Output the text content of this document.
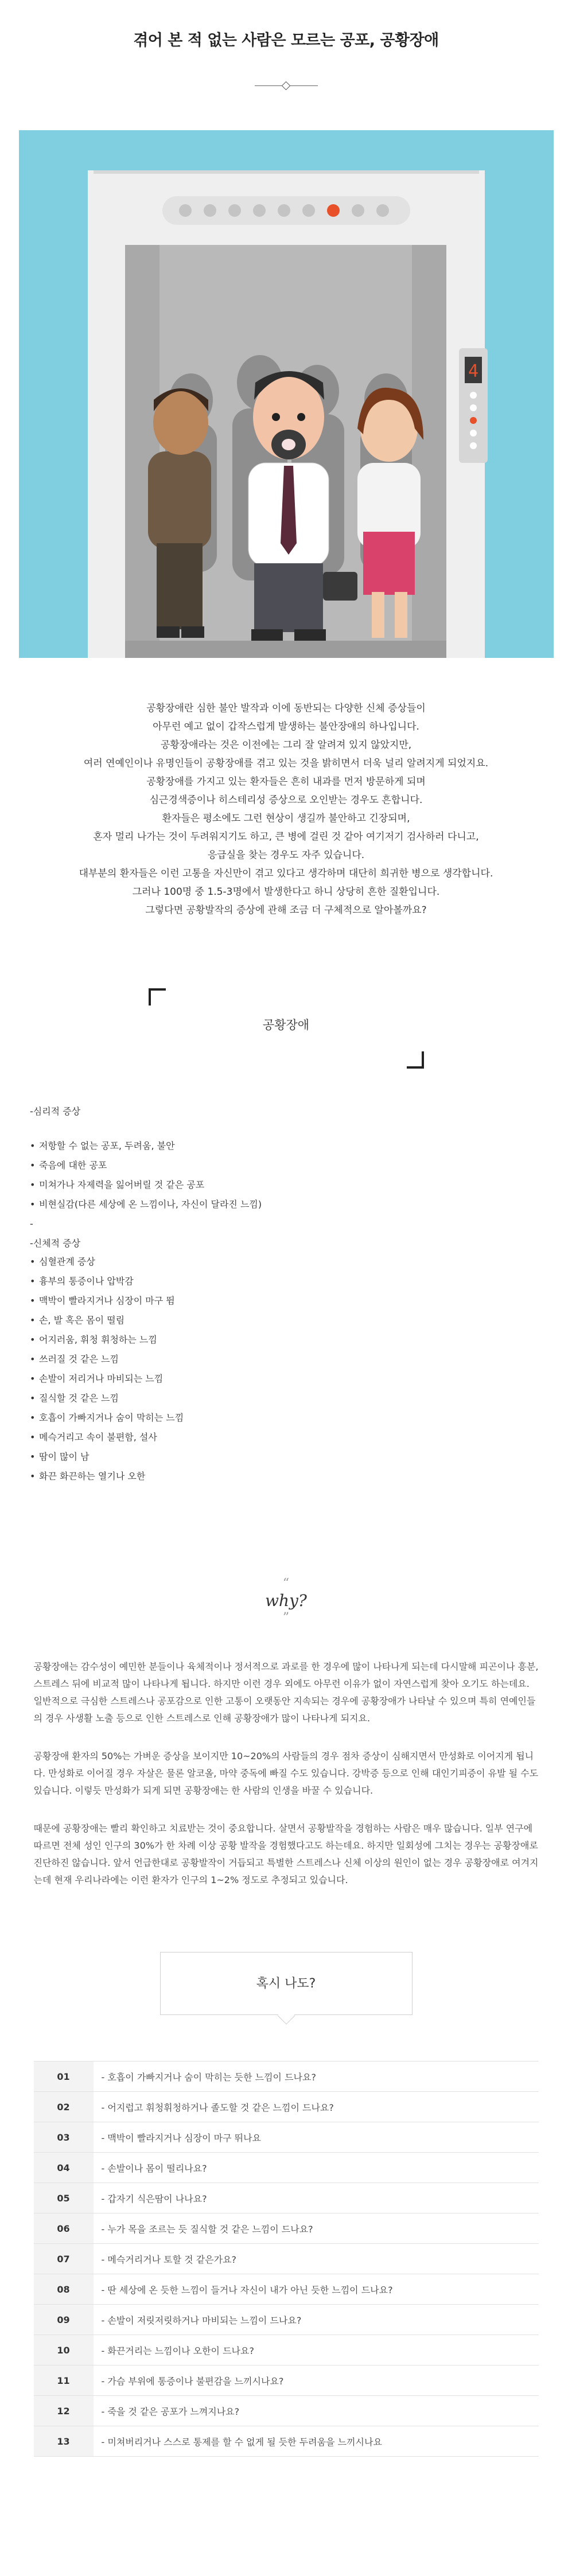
겪어 본 적 없는 사람은 모르는 공포, 공황장애
4

공황장애란 심한 불안 발작과 이에 동반되는 다양한 신체 증상들이

아무런 예고 없이 갑작스럽게 발생하는 불안장애의 하나입니다.

공황장애라는 것은 이전에는 그리 잘 알려져 있지 않았지만,

여러 연예인이나 유명인들이 공황장애를 겪고 있는 것을 밝히면서 더욱 널리 알려지게 되었지요.

공황장애를 가지고 있는 환자들은 흔히 내과를 먼저 방문하게 되며

심근경색증이나 히스테리성 증상으로 오인받는 경우도 흔합니다.

환자들은 평소에도 그런 현상이 생길까 불안하고 긴장되며,

혼자 멀리 나가는 것이 두려워지기도 하고, 큰 병에 걸린 것 같아 여기저기 검사하러 다니고,

응급실을 찾는 경우도 자주 있습니다.

대부분의 환자들은 이런 고통을 자신만이 겪고 있다고 생각하며 대단히 희귀한 병으로 생각합니다.

그러나 100명 중 1.5-3명에서 발생한다고 하니 상당히 흔한 질환입니다.

그렇다면 공황발작의 증상에 관해 조금 더 구체적으로 알아볼까요?

공황장애
-심리적 증상
• 저항할 수 없는 공포, 두려움, 불안
• 죽음에 대한 공포
• 미쳐가나 자제력을 잃어버릴 것 같은 공포
• 비현실감(다른 세상에 온 느낌이나, 자신이 달라진 느낌)
-
-신체적 증상
• 심혈관계 증상
• 흉부의 통증이나 압박감
• 맥박이 빨라지거나 심장이 마구 뜀
• 손, 발 혹은 몸이 떨림
• 어지러움, 휘청 휘청하는 느낌
• 쓰러질 것 같은 느낌
• 손발이 저리거나 마비되는 느낌
• 질식할 것 같은 느낌
• 호흡이 가빠지거나 숨이 막히는 느낌
• 메슥거리고 속이 불편함, 설사
• 땀이 많이 남
• 화끈 화끈하는 열기나 오한
“
why?
”

공황장애는 감수성이 예민한 분들이나 육체적이나 정서적으로 과로를 한 경우에 많이 나타나게 되는데 다시말해 피곤이나 흥분, 스트레스 뒤에 비교적 많이 나타나게 됩니다. 하지만 이런 경우 외에도 아무런 이유가 없이 자연스럽게 찾아 오기도 하는데요. 일반적으로 극심한 스트레스나 공포감으로 인한 고통이 오랫동안 지속되는 경우에 공황장애가 나타날 수 있으며 특히 연예인들의 경우 사생활 노출 등으로 인한 스트레스로 인해 공황장애가 많이 나타나게 되지요.

공황장애 환자의 50%는 가벼운 증상을 보이지만 10~20%의 사람들의 경우 점차 증상이 심해지면서 만성화로 이어지게 됩니다. 만성화로 이어질 경우 자살은 물론 알코올, 마약 중독에 빠질 수도 있습니다. 강박증 등으로 인해 대인기피증이 유발 될 수도 있습니다. 이렇듯 만성화가 되게 되면 공황장애는 한 사람의 인생을 바꿀 수 있습니다.

때문에 공황장애는 빨리 확인하고 치료받는 것이 중요합니다. 살면서 공황발작을 경험하는 사람은 매우 많습니다. 일부 연구에 따르면 전체 성인 인구의 30%가 한 차례 이상 공황 발작을 경험했다고도 하는데요. 하지만 일회성에 그치는 경우는 공황장애로 진단하진 않습니다. 앞서 언급한대로 공황발작이 거듭되고 특별한 스트레스나 신체 이상의 원인이 없는 경우 공황장애로 여겨지는데 현재 우리나라에는 이런 환자가 인구의 1~2% 정도로 추정되고 있습니다.

혹시 나도?
01	- 호흡이 가빠지거나 숨이 막히는 듯한 느낌이 드나요?
02	- 어지럽고 휘청휘청하거나 졸도할 것 같은 느낌이 드나요?
03	- 맥박이 빨라지거나 심장이 마구 뛰나요
04	- 손발이나 몸이 떨리나요?
05	- 갑자기 식은땀이 나나요?
06	- 누가 목을 조르는 듯 질식할 것 같은 느낌이 드나요?
07	- 메슥거리거나 토할 것 같은가요?
08	- 딴 세상에 온 듯한 느낌이 들거나 자신이 내가 아닌 듯한 느낌이 드나요?
09	- 손발이 저릿저릿하거나 마비되는 느낌이 드나요?
10	- 화끈거리는 느낌이나 오한이 드나요?
11	- 가슴 부위에 통증이나 불편감을 느끼시나요?
12	- 죽을 것 같은 공포가 느껴지나요?
13	- 미쳐버리거나 스스로 통제를 할 수 없게 될 듯한 두려움을 느끼시나요
